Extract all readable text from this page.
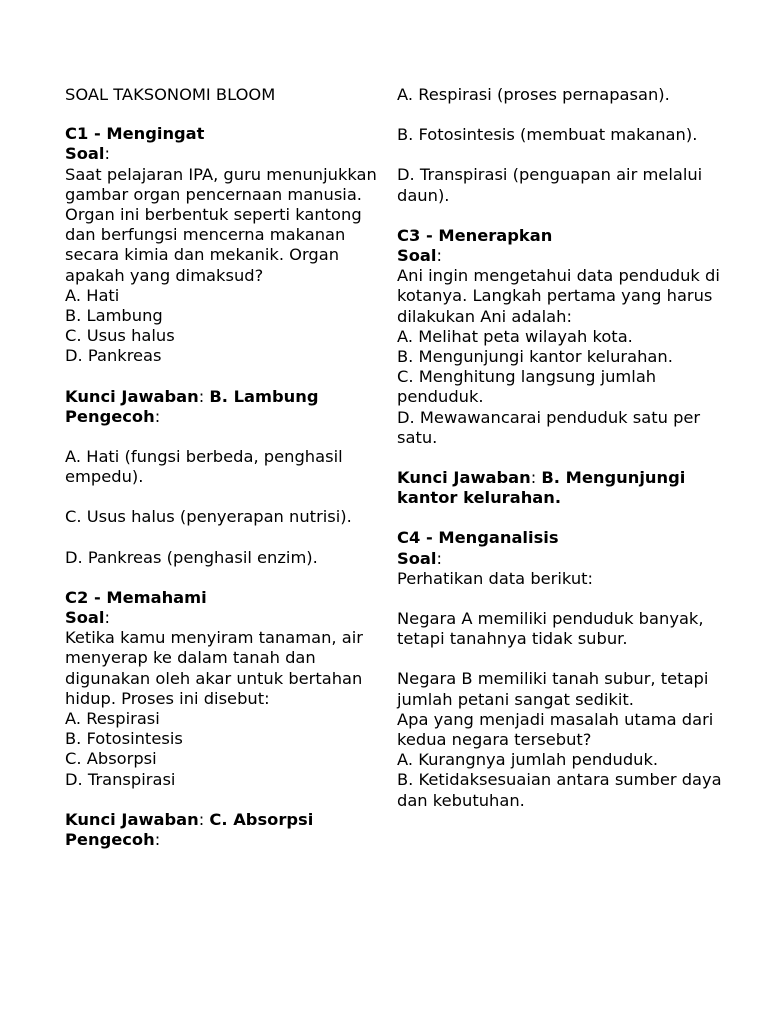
SOAL TAKSONOMI BLOOM

C1 - Mengingat

Soal:

Saat pelajaran IPA, guru menunjukkan gambar organ pencernaan manusia. Organ ini berbentuk seperti kantong dan berfungsi mencerna makanan secara kimia dan mekanik. Organ apakah yang dimaksud?

A. Hati

B. Lambung

C. Usus halus

D. Pankreas

Kunci Jawaban: B. Lambung

Pengecoh:

A. Hati (fungsi berbeda, penghasil empedu).

C. Usus halus (penyerapan nutrisi).

D. Pankreas (penghasil enzim).

C2 - Memahami

Soal:

Ketika kamu menyiram tanaman, air menyerap ke dalam tanah dan digunakan oleh akar untuk bertahan hidup. Proses ini disebut:

A. Respirasi

B. Fotosintesis

C. Absorpsi

D. Transpirasi

Kunci Jawaban: C. Absorpsi

Pengecoh:

A. Respirasi (proses pernapasan).

B. Fotosintesis (membuat makanan).

D. Transpirasi (penguapan air melalui daun).

C3 - Menerapkan

Soal:

Ani ingin mengetahui data penduduk di kotanya. Langkah pertama yang harus dilakukan Ani adalah:

A. Melihat peta wilayah kota.

B. Mengunjungi kantor kelurahan.

C. Menghitung langsung jumlah penduduk.

D. Mewawancarai penduduk satu per satu.

Kunci Jawaban: B. Mengunjungi kantor kelurahan.

C4 - Menganalisis

Soal:

Perhatikan data berikut:

Negara A memiliki penduduk banyak, tetapi tanahnya tidak subur.

Negara B memiliki tanah subur, tetapi jumlah petani sangat sedikit.

Apa yang menjadi masalah utama dari kedua negara tersebut?

A. Kurangnya jumlah penduduk.

B. Ketidaksesuaian antara sumber daya dan kebutuhan.
